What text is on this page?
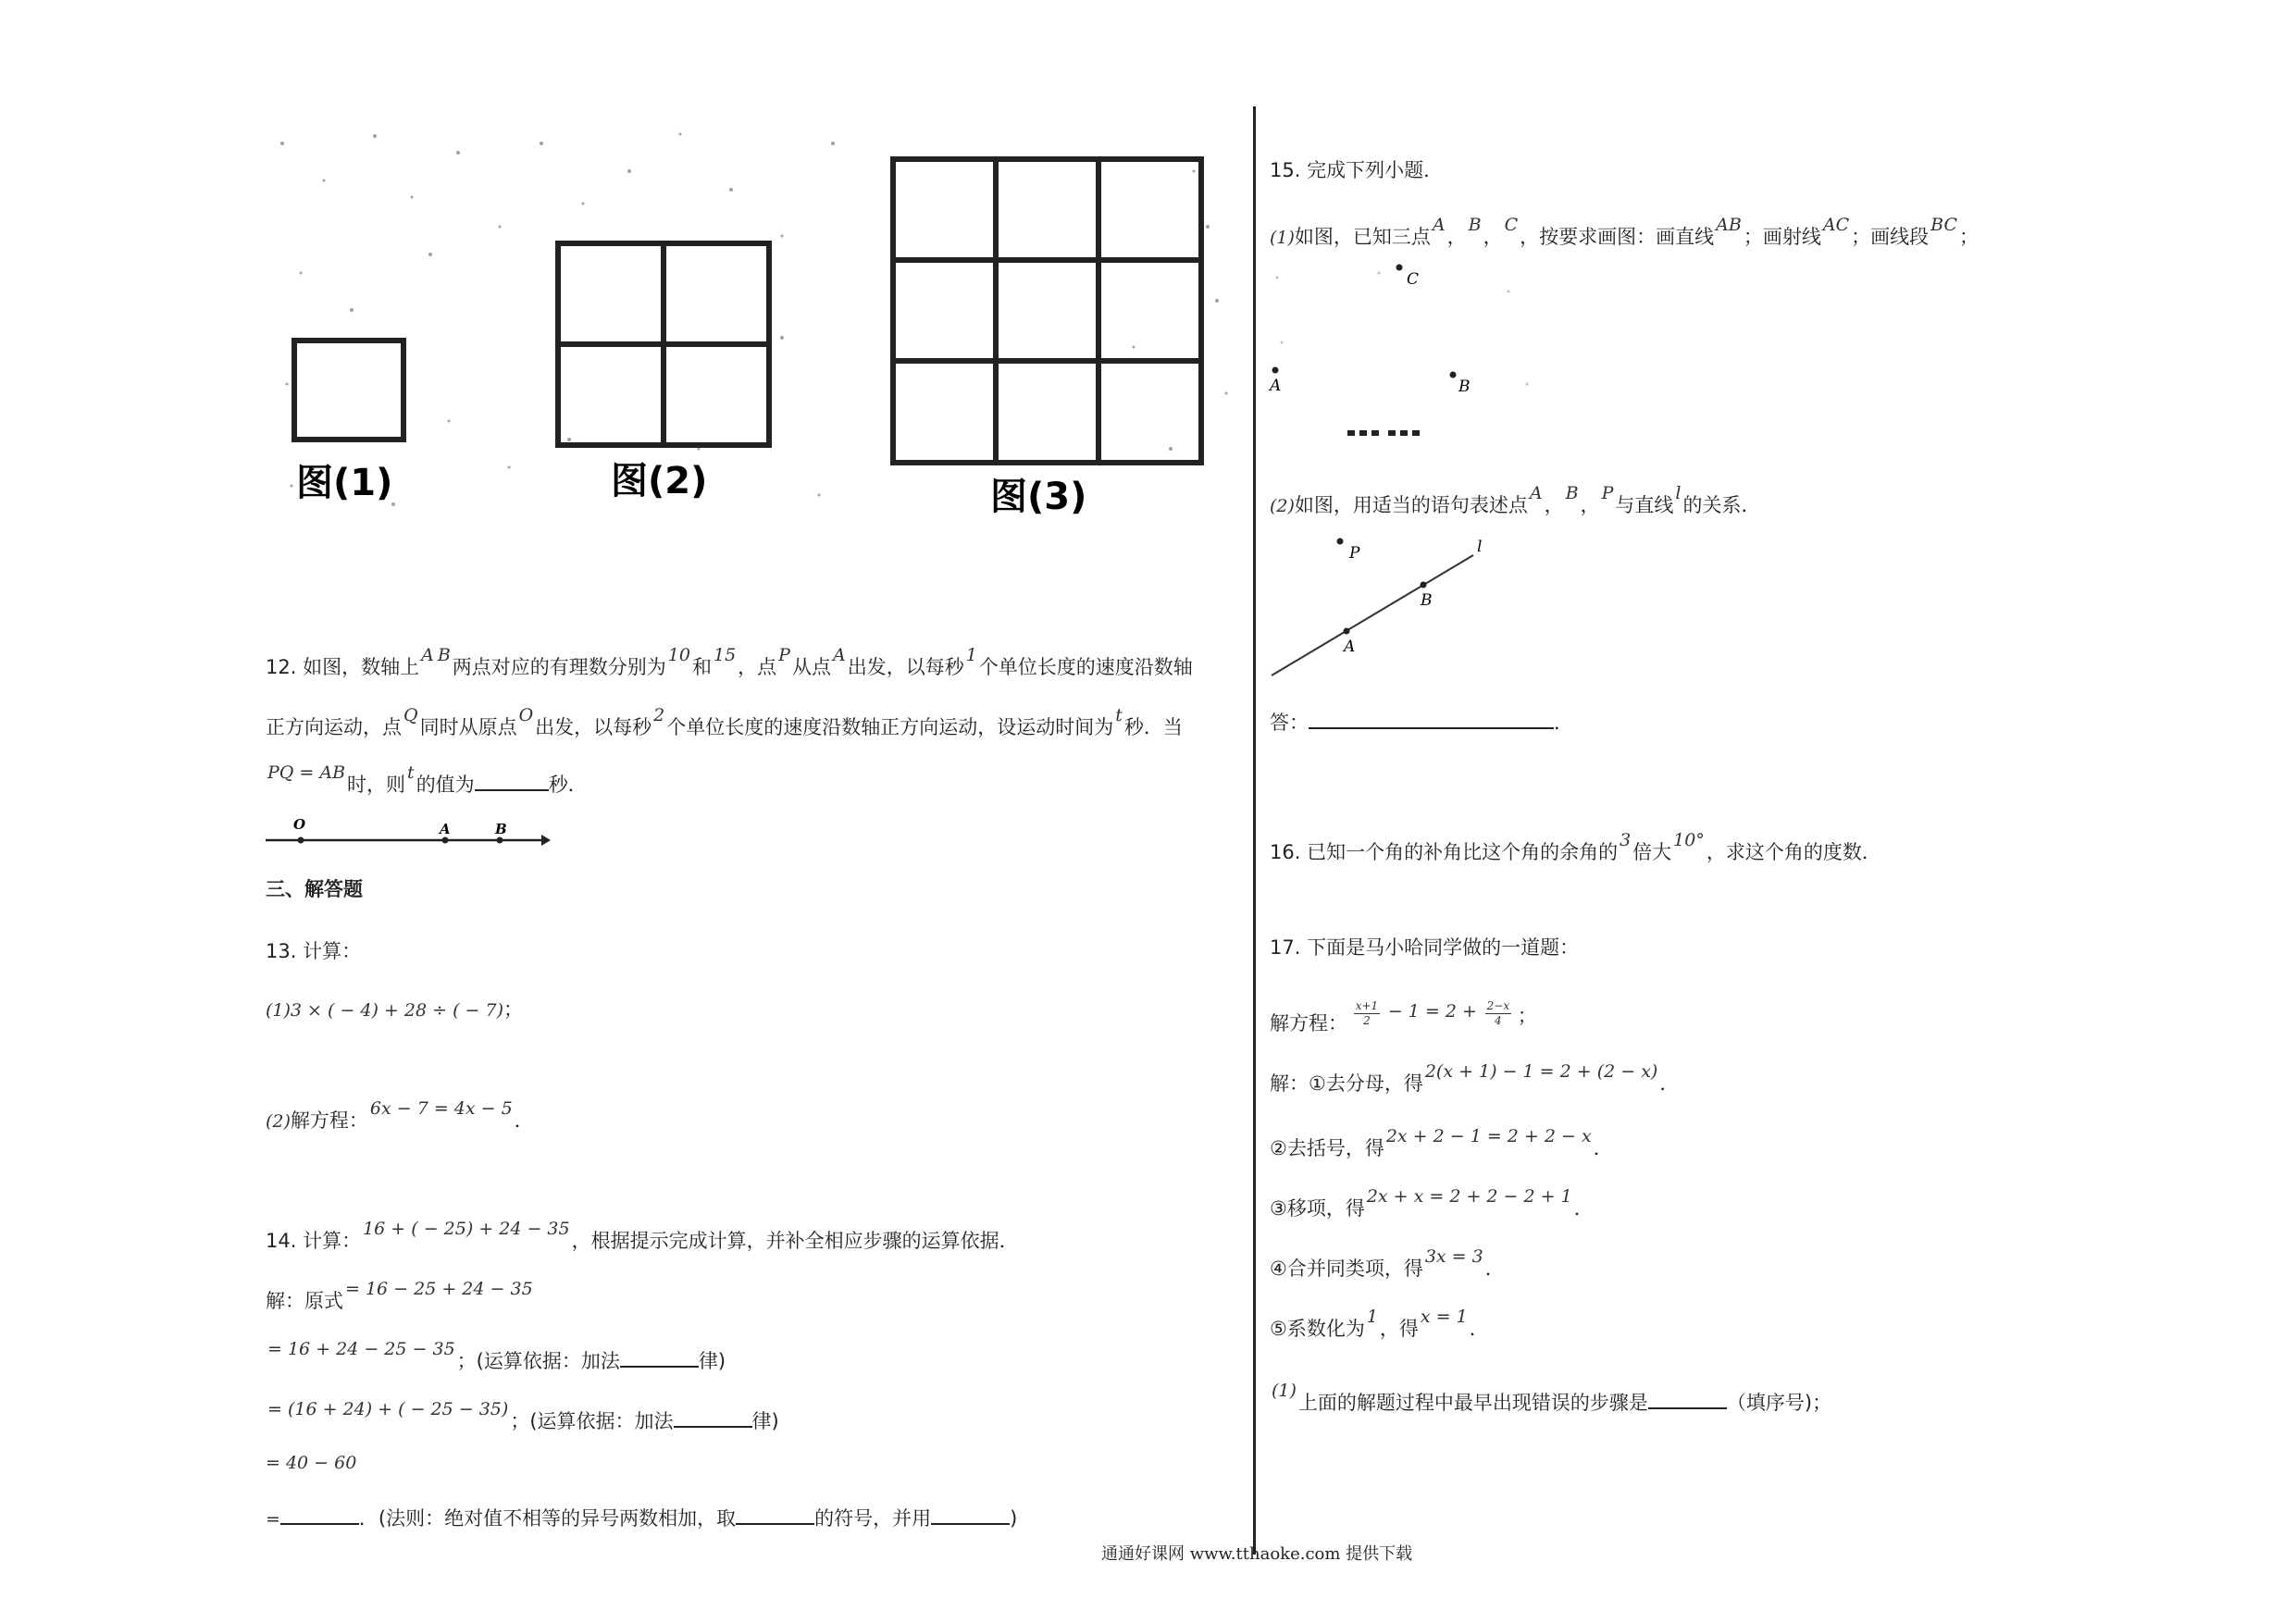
图(1)	图(2)	图(3)
12. 如图，数轴上A B两点对应的有理数分别为10和15，点P从点A出发，以每秒1个单位长度的速度沿数轴
正方向运动，点Q同时从原点O出发，以每秒2个单位长度的速度沿数轴正方向运动，设运动时间为t秒．当
PQ = AB时，则t的值为	秒．
O	A	B
三、解答题
13. 计算：
(1)3 × ( − 4) + 28 ÷ ( − 7)；
(2)解方程：6x − 7 = 4x − 5．
14. 计算：16 + ( − 25) + 24 − 35，根据提示完成计算，并补全相应步骤的运算依据．
解：原式= 16 − 25 + 24 − 35
= 16 + 24 − 25 − 35；(运算依据：加法	律)
= (16 + 24) + ( − 25 − 35)；(运算依据：加法	律)
= 40 − 60
=	．(法则：绝对值不相等的异号两数相加，取	的符号，并用	)
15. 完成下列小题．
(1)如图，已知三点A，B，C，按要求画图：画直线AB；画射线AC；画线段BC；
C
A	B
(2)如图，用适当的语句表述点A，B，P与直线l的关系．
P	l
B
A
答：	．
16. 已知一个角的补角比这个角的余角的3倍大10°，求这个角的度数．
17. 下面是马小哈同学做的一道题：
解方程： $\frac{x+1}{2} - 1 = 2 + \frac{2-x}{4}$ ；
解：①去分母，得2(x + 1) − 1 = 2 + (2 − x)．
②去括号，得2x + 2 − 1 = 2 + 2 − x．
③移项，得2x + x = 2 + 2 − 2 + 1．
④合并同类项，得3x = 3．
⑤系数化为1，得x = 1．
(1)上面的解题过程中最早出现错误的步骤是	（填序号)；
通通好课网 www.tthaoke.com 提供下载
